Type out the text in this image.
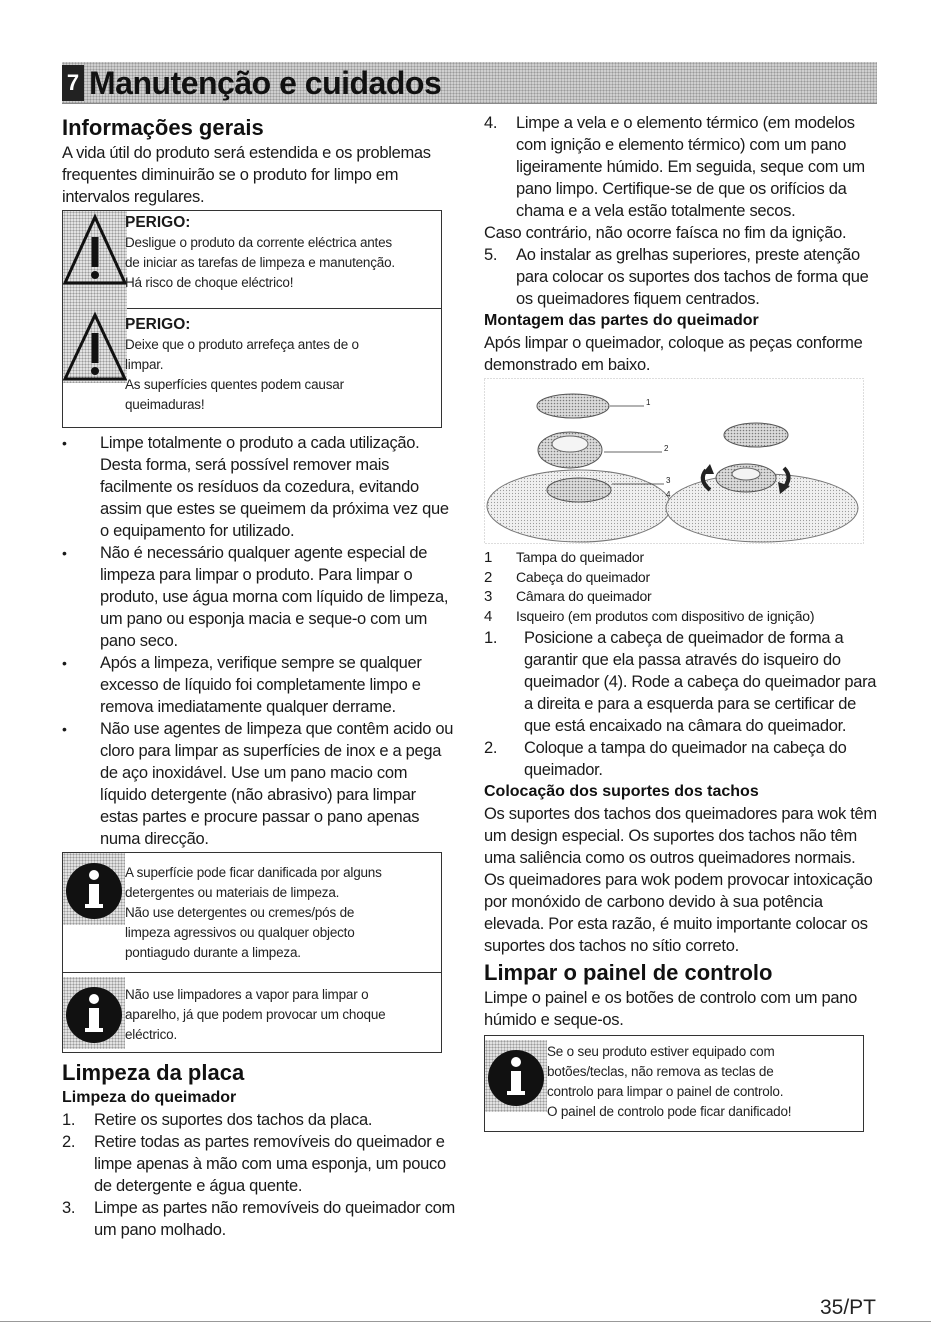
7 Manutenção e cuidados
Informações gerais

A vida útil do produto será estendida e os problemas frequentes diminuirão se o produto for limpo em intervalos regulares.

PERIGO:
Desligue o produto da corrente eléctrica antes
de iniciar as tarefas de limpeza e manutenção.
Há risco de choque eléctrico!
PERIGO:
Deixe que o produto arrefeça antes de o
limpar.
As superfícies quentes podem causar
queimaduras!
• Limpe totalmente o produto a cada utilização. Desta forma, será possível remover mais facilmente os resíduos da cozedura, evitando assim que estes se queimem da próxima vez que o equipamento for utilizado.
• Não é necessário qualquer agente especial de limpeza para limpar o produto. Para limpar o produto, use água morna com líquido de limpeza, um pano ou esponja macia e seque-o com um pano seco.
• Após a limpeza, verifique sempre se qualquer excesso de líquido foi completamente limpo e remova imediatamente qualquer derrame.
• Não use agentes de limpeza que contêm acido ou cloro para limpar as superfícies de inox e a pega de aço inoxidável. Use um pano macio com líquido detergente (não abrasivo) para limpar estas partes e procure passar o pano apenas numa direcção.
A superfície pode ficar danificada por alguns
detergentes ou materiais de limpeza.
Não use detergentes ou cremes/pós de
limpeza agressivos ou qualquer objecto
pontiagudo durante a limpeza.
Não use limpadores a vapor para limpar o
aparelho, já que podem provocar um choque
eléctrico.
Limpeza da placa
Limpeza do queimador
1. Retire os suportes dos tachos da placa.
2. Retire todas as partes removíveis do queimador e limpe apenas à mão com uma esponja, um pouco de detergente e água quente.
3. Limpe as partes não removíveis do queimador com um pano molhado.
4. Limpe a vela e o elemento térmico (em modelos com ignição e elemento térmico) com um pano ligeiramente húmido. Em seguida, seque com um pano limpo. Certifique-se de que os orifícios da chama e a vela estão totalmente secos.

Caso contrário, não ocorre faísca no fim da ignição.

5. Ao instalar as grelhas superiores, preste atenção para colocar os suportes dos tachos de forma que os queimadores fiquem centrados.
Montagem das partes do queimador

Após limpar o queimador, coloque as peças conforme demonstrado em baixo.

1
2
3
4
1 Tampa do queimador
2 Cabeça do queimador
3 Câmara do queimador
4 Isqueiro (em produtos com dispositivo de ignição)
1. Posicione a cabeça de queimador de forma a garantir que ela passa através do isqueiro do queimador (4). Rode a cabeça do queimador para a direita e para a esquerda para se certificar de que está encaixado na câmara do queimador.
2. Coloque a tampa do queimador na cabeça do queimador.
Colocação dos suportes dos tachos

Os suportes dos tachos dos queimadores para wok têm um design especial. Os suportes dos tachos não têm uma saliência como os outros queimadores normais. Os queimadores para wok podem provocar intoxicação por monóxido de carbono devido à sua potência elevada. Por esta razão, é muito importante colocar os suportes dos tachos no sítio correto.

Limpar o painel de controlo

Limpe o painel e os botões de controlo com um pano húmido e seque-os.

Se o seu produto estiver equipado com
botões/teclas, não remova as teclas de
controlo para limpar o painel de controlo.
O painel de controlo pode ficar danificado!
35/PT
